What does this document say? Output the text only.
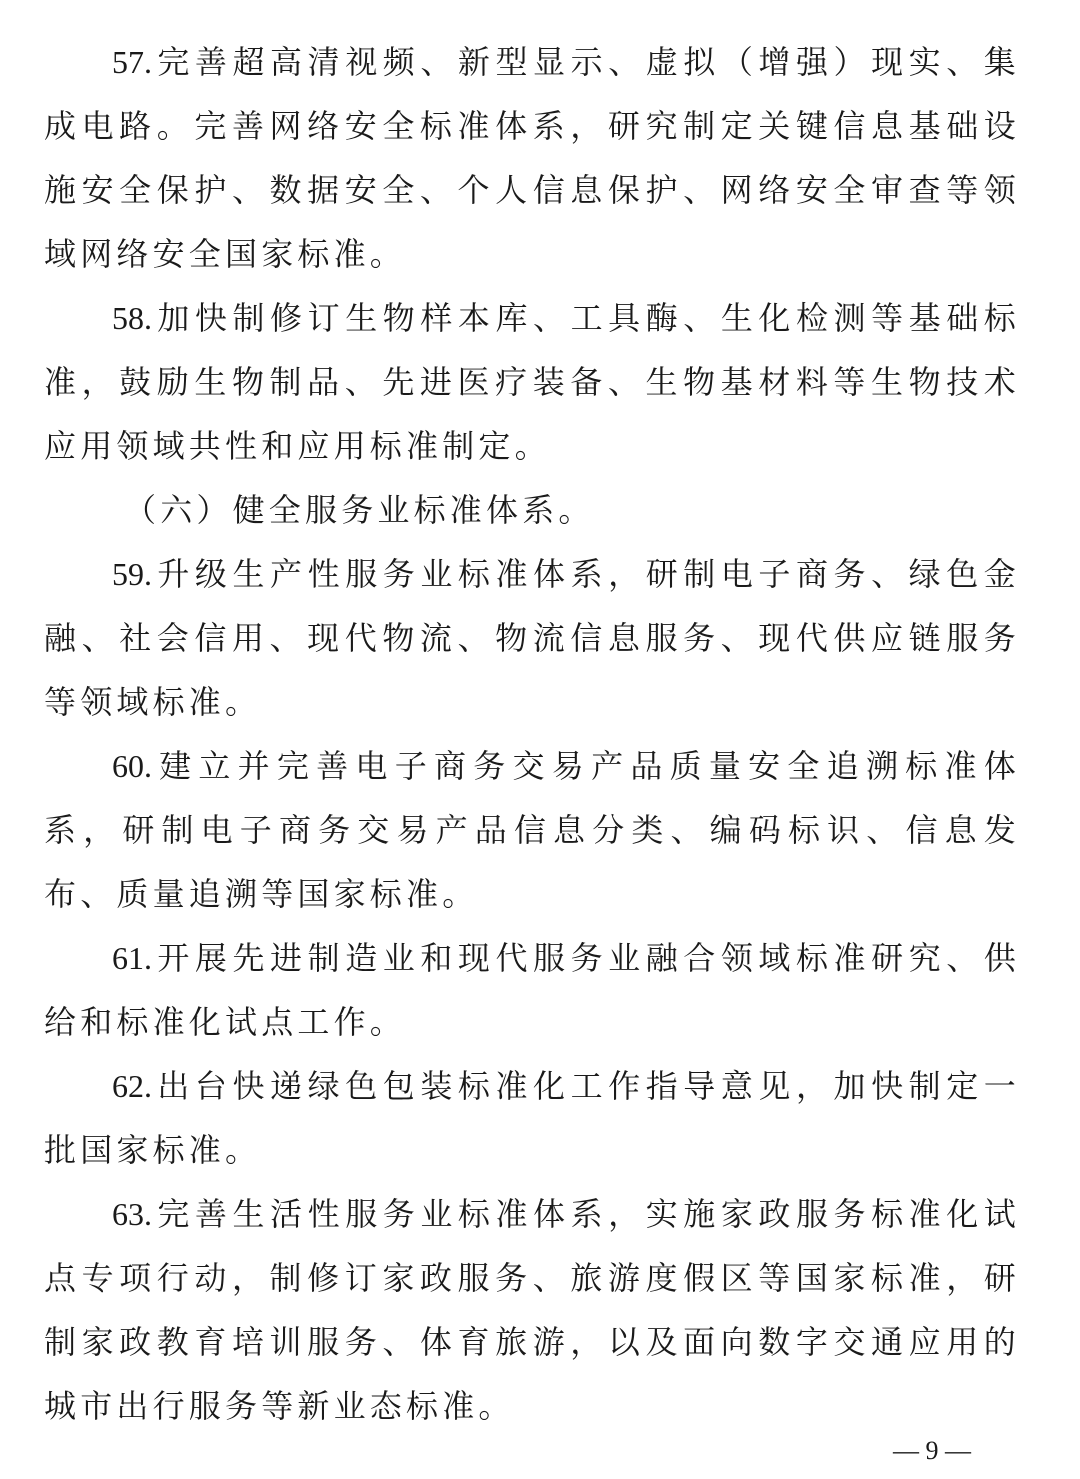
57. 完善超高清视频、新型显示、虚拟（增强）现实、集成电路。完善网络安全标准体系，研究制定关键信息基础设施安全保护、数据安全、个人信息保护、网络安全审查等领域网络安全国家标准。

58. 加快制修订生物样本库、工具酶、生化检测等基础标准，鼓励生物制品、先进医疗装备、生物基材料等生物技术应用领域共性和应用标准制定。

（六）健全服务业标准体系。

59. 升级生产性服务业标准体系，研制电子商务、绿色金融、社会信用、现代物流、物流信息服务、现代供应链服务等领域标准。

60. 建立并完善电子商务交易产品质量安全追溯标准体系，研制电子商务交易产品信息分类、编码标识、信息发布、质量追溯等国家标准。

61. 开展先进制造业和现代服务业融合领域标准研究、供给和标准化试点工作。

62. 出台快递绿色包装标准化工作指导意见，加快制定一批国家标准。

63. 完善生活性服务业标准体系，实施家政服务标准化试点专项行动，制修订家政服务、旅游度假区等国家标准，研制家政教育培训服务、体育旅游，以及面向数字交通应用的城市出行服务等新业态标准。

— 9 —
